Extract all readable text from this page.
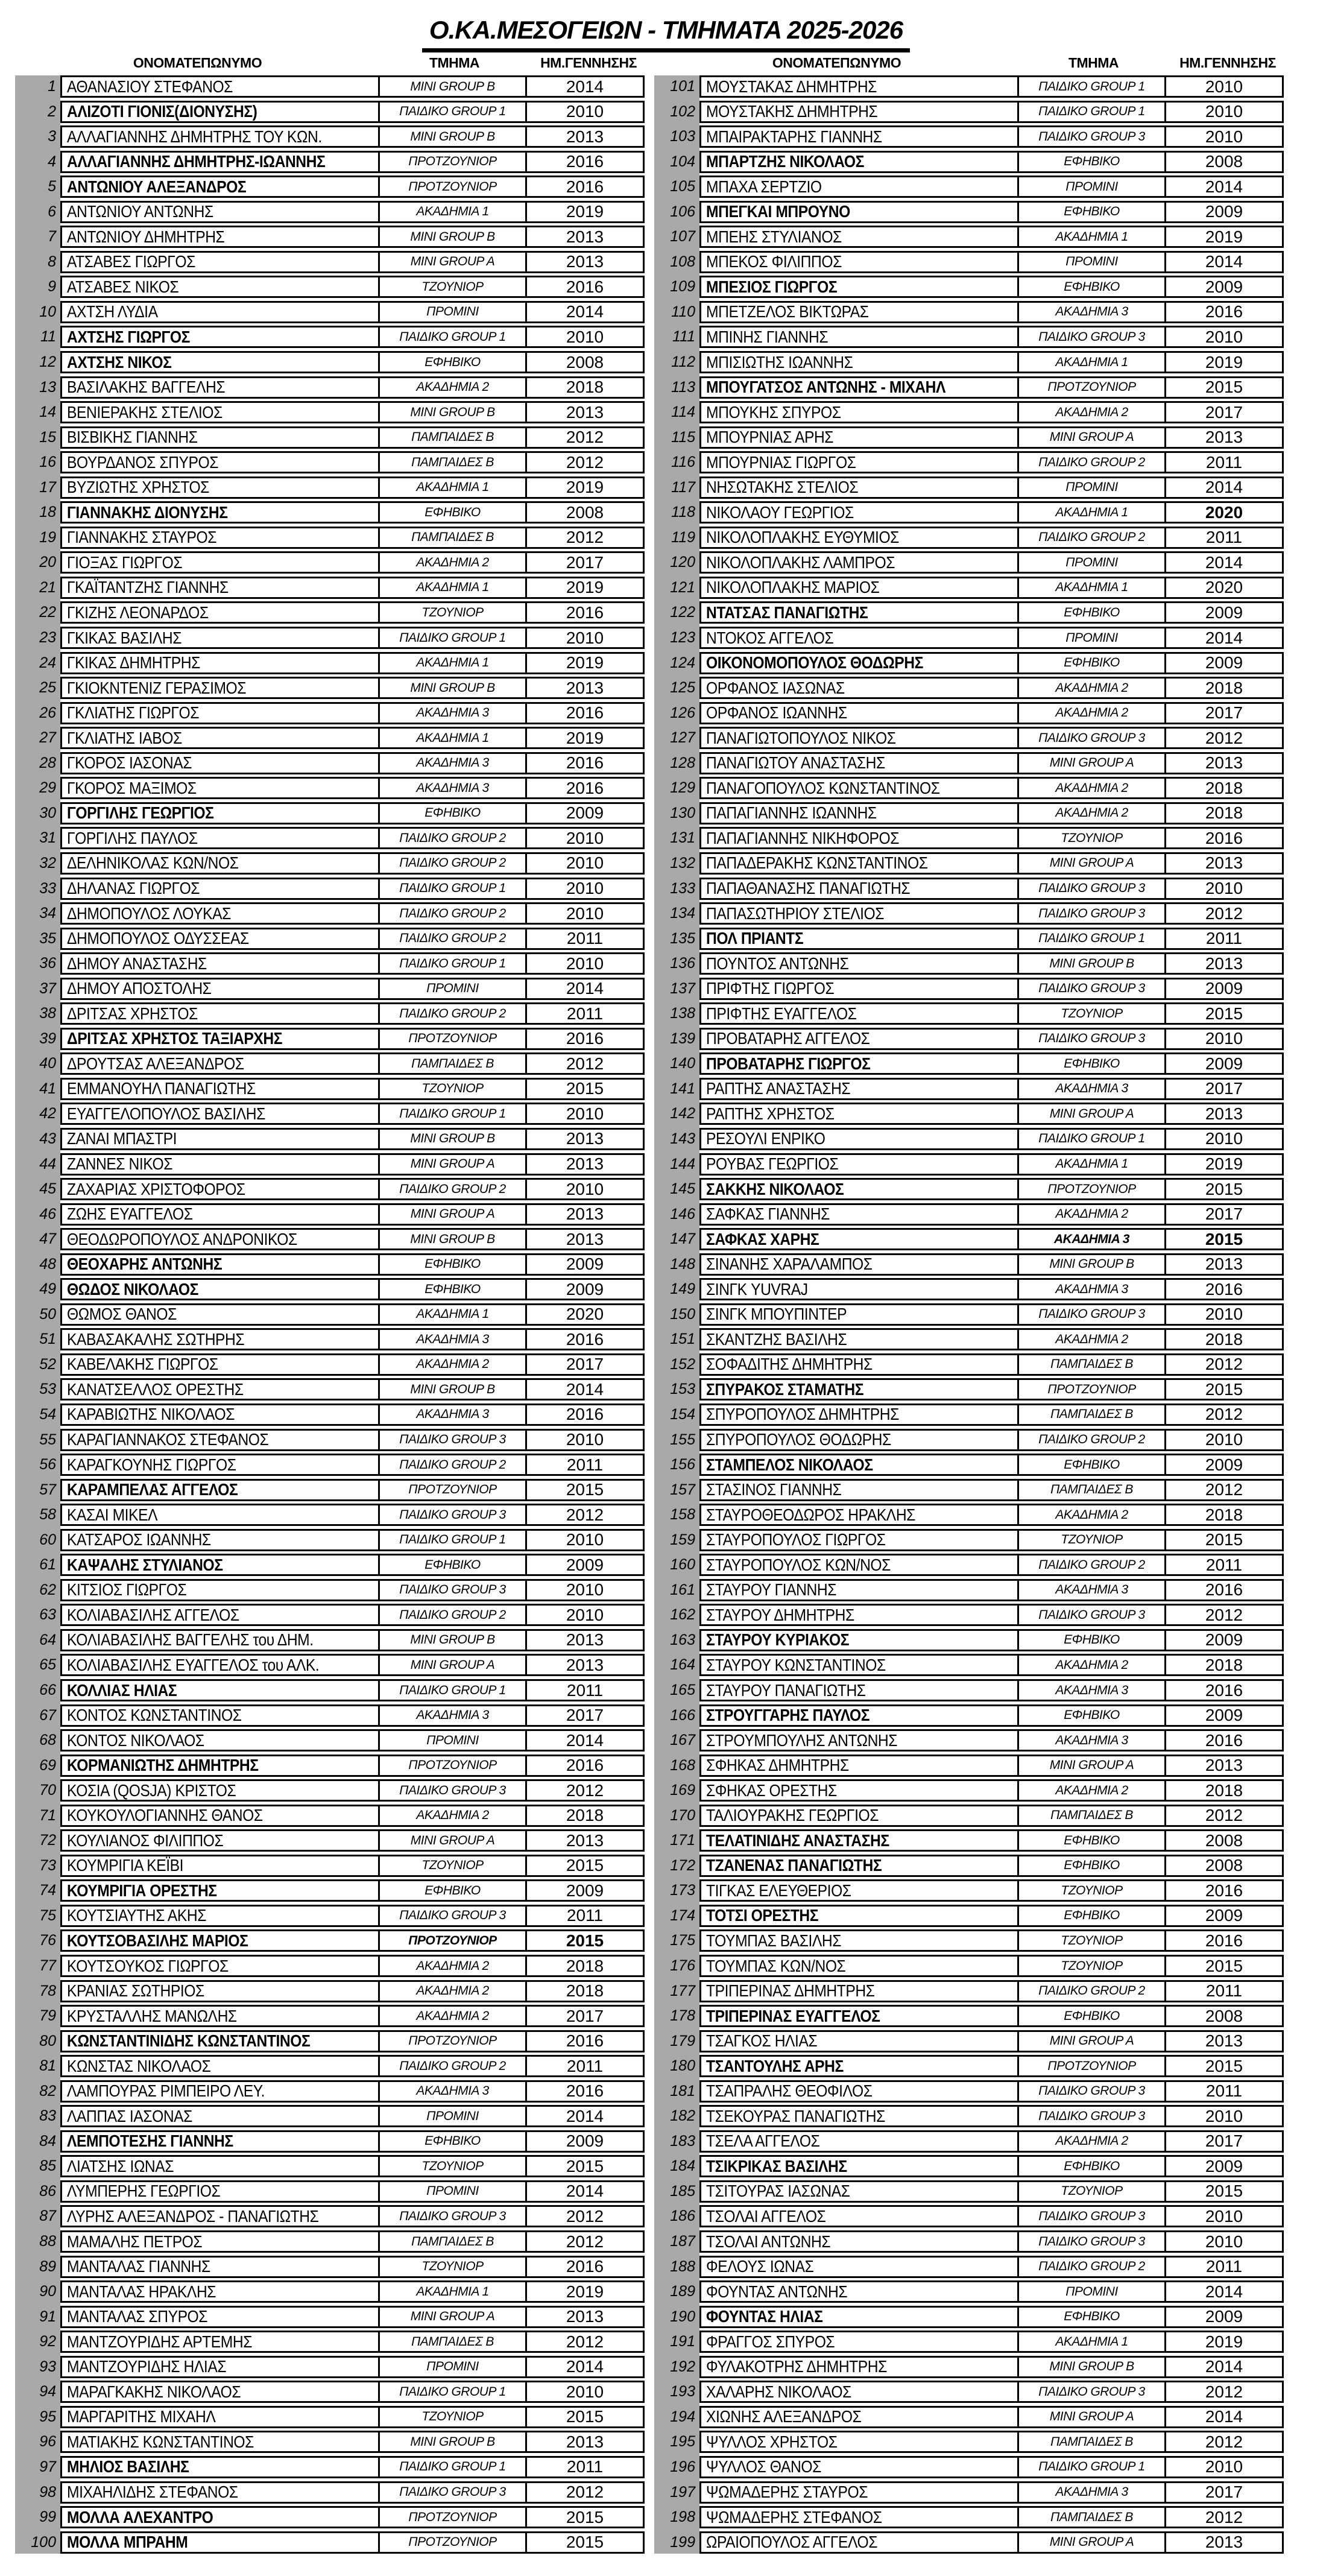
Ο.ΚΑ.ΜΕΣΟΓΕΙΩΝ - ΤΜΗΜΑΤΑ 2025-2026
ΟΝΟΜΑΤΕΠΩΝΥΜΟ	ΤΜΗΜΑ	ΗΜ.ΓΕΝΝΗΣΗΣ
1 ΑΘΑΝΑΣΙΟΥ ΣΤΕΦΑΝΟΣ	MINI GROUP B	2014
2 ΑΛΙΖΟΤΙ ΓΙΟΝΙΣ(ΔΙΟΝΥΣΗΣ)	ΠΑΙΔΙΚΟ GROUP 1	2010
3 ΑΛΛΑΓΙΑΝΝΗΣ ΔΗΜΗΤΡΗΣ ΤΟΥ ΚΩΝ.	MINI GROUP B	2013
4 ΑΛΛΑΓΙΑΝΝΗΣ ΔΗΜΗΤΡΗΣ-ΙΩΑΝΝΗΣ	ΠΡΟΤΖΟΥΝΙΟΡ	2016
5 ΑΝΤΩΝΙΟΥ ΑΛΕΞΑΝΔΡΟΣ	ΠΡΟΤΖΟΥΝΙΟΡ	2016
6 ΑΝΤΩΝΙΟΥ ΑΝΤΩΝΗΣ	ΑΚΑΔΗΜΙΑ 1	2019
7 ΑΝΤΩΝΙΟΥ ΔΗΜΗΤΡΗΣ	MINI GROUP B	2013
8 ΑΤΣΑΒΕΣ ΓΙΩΡΓΟΣ	MINI GROUP A	2013
9 ΑΤΣΑΒΕΣ ΝΙΚΟΣ	ΤΖΟΥΝΙΟΡ	2016
10 ΑΧΤΣΗ ΛΥΔΙΑ	ΠΡΟΜΙΝΙ	2014
11 ΑΧΤΣΗΣ ΓΙΩΡΓΟΣ	ΠΑΙΔΙΚΟ GROUP 1	2010
12 ΑΧΤΣΗΣ ΝΙΚΟΣ	ΕΦΗΒΙΚΟ	2008
13 ΒΑΣΙΛΑΚΗΣ ΒΑΓΓΕΛΗΣ	ΑΚΑΔΗΜΙΑ 2	2018
14 ΒΕΝΙΕΡΑΚΗΣ ΣΤΕΛΙΟΣ	MINI GROUP B	2013
15 ΒΙΣΒΙΚΗΣ ΓΙΑΝΝΗΣ	ΠΑΜΠΑΙΔΕΣ Β	2012
16 ΒΟΥΡΔΑΝΟΣ ΣΠΥΡΟΣ	ΠΑΜΠΑΙΔΕΣ Β	2012
17 ΒΥΖΙΩΤΗΣ ΧΡΗΣΤΟΣ	ΑΚΑΔΗΜΙΑ 1	2019
18 ΓΙΑΝΝΑΚΗΣ ΔΙΟΝΥΣΗΣ	ΕΦΗΒΙΚΟ	2008
19 ΓΙΑΝΝΑΚΗΣ ΣΤΑΥΡΟΣ	ΠΑΜΠΑΙΔΕΣ Β	2012
20 ΓΙΟΞΑΣ ΓΙΩΡΓΟΣ	ΑΚΑΔΗΜΙΑ 2	2017
21 ΓΚΑΪΤΑΝΤΖΗΣ ΓΙΑΝΝΗΣ	ΑΚΑΔΗΜΙΑ 1	2019
22 ΓΚΙΖΗΣ ΛΕΟΝΑΡΔΟΣ	ΤΖΟΥΝΙΟΡ	2016
23 ΓΚΙΚΑΣ ΒΑΣΙΛΗΣ	ΠΑΙΔΙΚΟ GROUP 1	2010
24 ΓΚΙΚΑΣ ΔΗΜΗΤΡΗΣ	ΑΚΑΔΗΜΙΑ 1	2019
25 ΓΚΙΟΚΝΤΕΝΙΖ ΓΕΡΑΣΙΜΟΣ	MINI GROUP B	2013
26 ΓΚΛΙΑΤΗΣ ΓΙΩΡΓΟΣ	ΑΚΑΔΗΜΙΑ 3	2016
27 ΓΚΛΙΑΤΗΣ ΙΑΒΟΣ	ΑΚΑΔΗΜΙΑ 1	2019
28 ΓΚΟΡΟΣ ΙΑΣΟΝΑΣ	ΑΚΑΔΗΜΙΑ 3	2016
29 ΓΚΟΡΟΣ ΜΑΞΙΜΟΣ	ΑΚΑΔΗΜΙΑ 3	2016
30 ΓΟΡΓΙΛΗΣ ΓΕΩΡΓΙΟΣ	ΕΦΗΒΙΚΟ	2009
31 ΓΟΡΓΙΛΗΣ ΠΑΥΛΟΣ	ΠΑΙΔΙΚΟ GROUP 2	2010
32 ΔΕΛΗΝΙΚΟΛΑΣ ΚΩΝ/ΝΟΣ	ΠΑΙΔΙΚΟ GROUP 2	2010
33 ΔΗΛΑΝΑΣ ΓΙΩΡΓΟΣ	ΠΑΙΔΙΚΟ GROUP 1	2010
34 ΔΗΜΟΠΟΥΛΟΣ ΛΟΥΚΑΣ	ΠΑΙΔΙΚΟ GROUP 2	2010
35 ΔΗΜΟΠΟΥΛΟΣ ΟΔΥΣΣΕΑΣ	ΠΑΙΔΙΚΟ GROUP 2	2011
36 ΔΗΜΟΥ ΑΝΑΣΤΑΣΗΣ	ΠΑΙΔΙΚΟ GROUP 1	2010
37 ΔΗΜΟΥ ΑΠΟΣΤΟΛΗΣ	ΠΡΟΜΙΝΙ	2014
38 ΔΡΙΤΣΑΣ ΧΡΗΣΤΟΣ	ΠΑΙΔΙΚΟ GROUP 2	2011
39 ΔΡΙΤΣΑΣ ΧΡΗΣΤΟΣ ΤΑΞΙΑΡΧΗΣ	ΠΡΟΤΖΟΥΝΙΟΡ	2016
40 ΔΡΟΥΤΣΑΣ ΑΛΕΞΑΝΔΡΟΣ	ΠΑΜΠΑΙΔΕΣ Β	2012
41 ΕΜΜΑΝΟΥΗΛ ΠΑΝΑΓΙΩΤΗΣ	ΤΖΟΥΝΙΟΡ	2015
42 ΕΥΑΓΓΕΛΟΠΟΥΛΟΣ ΒΑΣΙΛΗΣ	ΠΑΙΔΙΚΟ GROUP 1	2010
43 ΖΑΝΑΙ ΜΠΑΣΤΡΙ	MINI GROUP B	2013
44 ΖΑΝΝΕΣ ΝΙΚΟΣ	MINI GROUP A	2013
45 ΖΑΧΑΡΙΑΣ ΧΡΙΣΤΟΦΟΡΟΣ	ΠΑΙΔΙΚΟ GROUP 2	2010
46 ΖΩΗΣ ΕΥΑΓΓΕΛΟΣ	MINI GROUP A	2013
47 ΘΕΟΔΩΡΟΠΟΥΛΟΣ ΑΝΔΡΟΝΙΚΟΣ	MINI GROUP B	2013
48 ΘΕΟΧΑΡΗΣ ΑΝΤΩΝΗΣ	ΕΦΗΒΙΚΟ	2009
49 ΘΩΔΟΣ ΝΙΚΟΛΑΟΣ	ΕΦΗΒΙΚΟ	2009
50 ΘΩΜΟΣ ΘΑΝΟΣ	ΑΚΑΔΗΜΙΑ 1	2020
51 ΚΑΒΑΣΑΚΑΛΗΣ ΣΩΤΗΡΗΣ	ΑΚΑΔΗΜΙΑ 3	2016
52 ΚΑΒΕΛΑΚΗΣ ΓΙΩΡΓΟΣ	ΑΚΑΔΗΜΙΑ 2	2017
53 ΚΑΝΑΤΣΕΛΛΟΣ ΟΡΕΣΤΗΣ	MINI GROUP B	2014
54 ΚΑΡΑΒΙΩΤΗΣ ΝΙΚΟΛΑΟΣ	ΑΚΑΔΗΜΙΑ 3	2016
55 ΚΑΡΑΓΙΑΝΝΑΚΟΣ ΣΤΕΦΑΝΟΣ	ΠΑΙΔΙΚΟ GROUP 3	2010
56 ΚΑΡΑΓΚΟΥΝΗΣ ΓΙΩΡΓΟΣ	ΠΑΙΔΙΚΟ GROUP 2	2011
57 ΚΑΡΑΜΠΕΛΑΣ ΑΓΓΕΛΟΣ	ΠΡΟΤΖΟΥΝΙΟΡ	2015
58 ΚΑΣΑΙ ΜΙΚΕΛ	ΠΑΙΔΙΚΟ GROUP 3	2012
60 ΚΑΤΣΑΡΟΣ ΙΩΑΝΝΗΣ	ΠΑΙΔΙΚΟ GROUP 1	2010
61 ΚΑΨΑΛΗΣ ΣΤΥΛΙΑΝΟΣ	ΕΦΗΒΙΚΟ	2009
62 ΚΙΤΣΙΟΣ ΓΙΩΡΓΟΣ	ΠΑΙΔΙΚΟ GROUP 3	2010
63 ΚΟΛΙΑΒΑΣΙΛΗΣ ΑΓΓΕΛΟΣ	ΠΑΙΔΙΚΟ GROUP 2	2010
64 ΚΟΛΙΑΒΑΣΙΛΗΣ ΒΑΓΓΕΛΗΣ του ΔΗΜ.	MINI GROUP B	2013
65 ΚΟΛΙΑΒΑΣΙΛΗΣ ΕΥΑΓΓΕΛΟΣ του ΑΛΚ.	MINI GROUP A	2013
66 ΚΟΛΛΙΑΣ ΗΛΙΑΣ	ΠΑΙΔΙΚΟ GROUP 1	2011
67 ΚΟΝΤΟΣ ΚΩΝΣΤΑΝΤΙΝΟΣ	ΑΚΑΔΗΜΙΑ 3	2017
68 ΚΟΝΤΟΣ ΝΙΚΟΛΑΟΣ	ΠΡΟΜΙΝΙ	2014
69 ΚΟΡΜΑΝΙΩΤΗΣ ΔΗΜΗΤΡΗΣ	ΠΡΟΤΖΟΥΝΙΟΡ	2016
70 ΚΟΣΙΑ (QOSJA) ΚΡΙΣΤΟΣ	ΠΑΙΔΙΚΟ GROUP 3	2012
71 ΚΟΥΚΟΥΛΟΓΙΑΝΝΗΣ ΘΑΝΟΣ	ΑΚΑΔΗΜΙΑ 2	2018
72 ΚΟΥΛΙΑΝΟΣ ΦΙΛΙΠΠΟΣ	MINI GROUP A	2013
73 ΚΟΥΜΡΙΓΙΑ ΚΕΪΒΙ	ΤΖΟΥΝΙΟΡ	2015
74 ΚΟΥΜΡΙΓΙΑ ΟΡΕΣΤΗΣ	ΕΦΗΒΙΚΟ	2009
75 ΚΟΥΤΣΙΑΥΤΗΣ ΑΚΗΣ	ΠΑΙΔΙΚΟ GROUP 3	2011
76 ΚΟΥΤΣΟΒΑΣΙΛΗΣ ΜΑΡΙΟΣ	ΠΡΟΤΖΟΥΝΙΟΡ	2015
77 ΚΟΥΤΣΟΥΚΟΣ ΓΙΩΡΓΟΣ	ΑΚΑΔΗΜΙΑ 2	2018
78 ΚΡΑΝΙΑΣ ΣΩΤΗΡΙΟΣ	ΑΚΑΔΗΜΙΑ 2	2018
79 ΚΡΥΣΤΑΛΛΗΣ ΜΑΝΩΛΗΣ	ΑΚΑΔΗΜΙΑ 2	2017
80 ΚΩΝΣΤΑΝΤΙΝΙΔΗΣ ΚΩΝΣΤΑΝΤΙΝΟΣ	ΠΡΟΤΖΟΥΝΙΟΡ	2016
81 ΚΩΝΣΤΑΣ ΝΙΚΟΛΑΟΣ	ΠΑΙΔΙΚΟ GROUP 2	2011
82 ΛΑΜΠΟΥΡΑΣ ΡΙΜΠΕΙΡΟ ΛΕΥ.	ΑΚΑΔΗΜΙΑ 3	2016
83 ΛΑΠΠΑΣ ΙΑΣΟΝΑΣ	ΠΡΟΜΙΝΙ	2014
84 ΛΕΜΠΟΤΕΣΗΣ ΓΙΑΝΝΗΣ	ΕΦΗΒΙΚΟ	2009
85 ΛΙΑΤΣΗΣ ΙΩΝΑΣ	ΤΖΟΥΝΙΟΡ	2015
86 ΛΥΜΠΕΡΗΣ ΓΕΩΡΓΙΟΣ	ΠΡΟΜΙΝΙ	2014
87 ΛΥΡΗΣ ΑΛΕΞΑΝΔΡΟΣ - ΠΑΝΑΓΙΩΤΗΣ	ΠΑΙΔΙΚΟ GROUP 3	2012
88 ΜΑΜΑΛΗΣ ΠΕΤΡΟΣ	ΠΑΜΠΑΙΔΕΣ Β	2012
89 ΜΑΝΤΑΛΑΣ ΓΙΑΝΝΗΣ	ΤΖΟΥΝΙΟΡ	2016
90 ΜΑΝΤΑΛΑΣ ΗΡΑΚΛΗΣ	ΑΚΑΔΗΜΙΑ 1	2019
91 ΜΑΝΤΑΛΑΣ ΣΠΥΡΟΣ	MINI GROUP A	2013
92 ΜΑΝΤΖΟΥΡΙΔΗΣ ΑΡΤΕΜΗΣ	ΠΑΜΠΑΙΔΕΣ Β	2012
93 ΜΑΝΤΖΟΥΡΙΔΗΣ ΗΛΙΑΣ	ΠΡΟΜΙΝΙ	2014
94 ΜΑΡΑΓΚΑΚΗΣ ΝΙΚΟΛΑΟΣ	ΠΑΙΔΙΚΟ GROUP 1	2010
95 ΜΑΡΓΑΡΙΤΗΣ ΜΙΧΑΗΛ	ΤΖΟΥΝΙΟΡ	2015
96 ΜΑΤΙΑΚΗΣ ΚΩΝΣΤΑΝΤΙΝΟΣ	MINI GROUP B	2013
97 ΜΗΛΙΟΣ ΒΑΣΙΛΗΣ	ΠΑΙΔΙΚΟ GROUP 1	2011
98 ΜΙΧΑΗΛΙΔΗΣ ΣΤΕΦΑΝΟΣ	ΠΑΙΔΙΚΟ GROUP 3	2012
99 ΜΟΛΛΑ ΑΛΕΧΑΝΤΡΟ	ΠΡΟΤΖΟΥΝΙΟΡ	2015
100 ΜΟΛΛΑ ΜΠΡΑΗΜ	ΠΡΟΤΖΟΥΝΙΟΡ	2015
ΟΝΟΜΑΤΕΠΩΝΥΜΟ	ΤΜΗΜΑ	ΗΜ.ΓΕΝΝΗΣΗΣ
101 ΜΟΥΣΤΑΚΑΣ ΔΗΜΗΤΡΗΣ	ΠΑΙΔΙΚΟ GROUP 1	2010
102 ΜΟΥΣΤΑΚΗΣ ΔΗΜΗΤΡΗΣ	ΠΑΙΔΙΚΟ GROUP 1	2010
103 ΜΠΑΙΡΑΚΤΑΡΗΣ ΓΙΑΝΝΗΣ	ΠΑΙΔΙΚΟ GROUP 3	2010
104 ΜΠΑΡΤΖΗΣ ΝΙΚΟΛΑΟΣ	ΕΦΗΒΙΚΟ	2008
105 ΜΠΑΧΑ ΣΕΡΤΖΙΟ	ΠΡΟΜΙΝΙ	2014
106 ΜΠΕΓΚΑΙ ΜΠΡΟΥΝΟ	ΕΦΗΒΙΚΟ	2009
107 ΜΠΕΗΣ ΣΤΥΛΙΑΝΟΣ	ΑΚΑΔΗΜΙΑ 1	2019
108 ΜΠΕΚΟΣ ΦΙΛΙΠΠΟΣ	ΠΡΟΜΙΝΙ	2014
109 ΜΠΕΣΙΟΣ ΓΙΩΡΓΟΣ	ΕΦΗΒΙΚΟ	2009
110 ΜΠΕΤΖΕΛΟΣ ΒΙΚΤΩΡΑΣ	ΑΚΑΔΗΜΙΑ 3	2016
111 ΜΠΙΝΗΣ ΓΙΑΝΝΗΣ	ΠΑΙΔΙΚΟ GROUP 3	2010
112 ΜΠΙΣΙΩΤΗΣ ΙΩΑΝΝΗΣ	ΑΚΑΔΗΜΙΑ 1	2019
113 ΜΠΟΥΓΑΤΣΟΣ ΑΝΤΩΝΗΣ - ΜΙΧΑΗΛ	ΠΡΟΤΖΟΥΝΙΟΡ	2015
114 ΜΠΟΥΚΗΣ ΣΠΥΡΟΣ	ΑΚΑΔΗΜΙΑ 2	2017
115 ΜΠΟΥΡΝΙΑΣ ΑΡΗΣ	MINI GROUP A	2013
116 ΜΠΟΥΡΝΙΑΣ ΓΙΩΡΓΟΣ	ΠΑΙΔΙΚΟ GROUP 2	2011
117 ΝΗΣΩΤΑΚΗΣ ΣΤΕΛΙΟΣ	ΠΡΟΜΙΝΙ	2014
118 ΝΙΚΟΛΑΟΥ ΓΕΩΡΓΙΟΣ	ΑΚΑΔΗΜΙΑ 1	2020
119 ΝΙΚΟΛΟΠΛΑΚΗΣ ΕΥΘΥΜΙΟΣ	ΠΑΙΔΙΚΟ GROUP 2	2011
120 ΝΙΚΟΛΟΠΛΑΚΗΣ ΛΑΜΠΡΟΣ	ΠΡΟΜΙΝΙ	2014
121 ΝΙΚΟΛΟΠΛΑΚΗΣ ΜΑΡΙΟΣ	ΑΚΑΔΗΜΙΑ 1	2020
122 ΝΤΑΤΣΑΣ ΠΑΝΑΓΙΩΤΗΣ	ΕΦΗΒΙΚΟ	2009
123 ΝΤΟΚΟΣ ΑΓΓΕΛΟΣ	ΠΡΟΜΙΝΙ	2014
124 ΟΙΚΟΝΟΜΟΠΟΥΛΟΣ ΘΟΔΩΡΗΣ	ΕΦΗΒΙΚΟ	2009
125 ΟΡΦΑΝΟΣ ΙΑΣΩΝΑΣ	ΑΚΑΔΗΜΙΑ 2	2018
126 ΟΡΦΑΝΟΣ ΙΩΑΝΝΗΣ	ΑΚΑΔΗΜΙΑ 2	2017
127 ΠΑΝΑΓΙΩΤΟΠΟΥΛΟΣ ΝΙΚΟΣ	ΠΑΙΔΙΚΟ GROUP 3	2012
128 ΠΑΝΑΓΙΩΤΟΥ ΑΝΑΣΤΑΣΗΣ	MINI GROUP A	2013
129 ΠΑΝΑΓΟΠΟΥΛΟΣ ΚΩΝΣΤΑΝΤΙΝΟΣ	ΑΚΑΔΗΜΙΑ 2	2018
130 ΠΑΠΑΓΙΑΝΝΗΣ ΙΩΑΝΝΗΣ	ΑΚΑΔΗΜΙΑ 2	2018
131 ΠΑΠΑΓΙΑΝΝΗΣ ΝΙΚΗΦΟΡΟΣ	ΤΖΟΥΝΙΟΡ	2016
132 ΠΑΠΑΔΕΡΑΚΗΣ ΚΩΝΣΤΑΝΤΙΝΟΣ	MINI GROUP A	2013
133 ΠΑΠΑΘΑΝΑΣΗΣ ΠΑΝΑΓΙΩΤΗΣ	ΠΑΙΔΙΚΟ GROUP 3	2010
134 ΠΑΠΑΣΩΤΗΡΙΟΥ ΣΤΕΛΙΟΣ	ΠΑΙΔΙΚΟ GROUP 3	2012
135 ΠΟΛ ΠΡΙΑΝΤΣ	ΠΑΙΔΙΚΟ GROUP 1	2011
136 ΠΟΥΝΤΟΣ ΑΝΤΩΝΗΣ	MINI GROUP B	2013
137 ΠΡΙΦΤΗΣ ΓΙΩΡΓΟΣ	ΠΑΙΔΙΚΟ GROUP 3	2009
138 ΠΡΙΦΤΗΣ ΕΥΑΓΓΕΛΟΣ	ΤΖΟΥΝΙΟΡ	2015
139 ΠΡΟΒΑΤΑΡΗΣ ΑΓΓΕΛΟΣ	ΠΑΙΔΙΚΟ GROUP 3	2010
140 ΠΡΟΒΑΤΑΡΗΣ ΓΙΩΡΓΟΣ	ΕΦΗΒΙΚΟ	2009
141 ΡΑΠΤΗΣ ΑΝΑΣΤΑΣΗΣ	ΑΚΑΔΗΜΙΑ 3	2017
142 ΡΑΠΤΗΣ ΧΡΗΣΤΟΣ	MINI GROUP A	2013
143 ΡΕΣΟΥΛΙ ΕΝΡΙΚΟ	ΠΑΙΔΙΚΟ GROUP 1	2010
144 ΡΟΥΒΑΣ ΓΕΩΡΓΙΟΣ	ΑΚΑΔΗΜΙΑ 1	2019
145 ΣΑΚΚΗΣ ΝΙΚΟΛΑΟΣ	ΠΡΟΤΖΟΥΝΙΟΡ	2015
146 ΣΑΦΚΑΣ ΓΙΑΝΝΗΣ	ΑΚΑΔΗΜΙΑ 2	2017
147 ΣΑΦΚΑΣ ΧΑΡΗΣ	ΑΚΑΔΗΜΙΑ 3	2015
148 ΣΙΝΑΝΗΣ ΧΑΡΑΛΑΜΠΟΣ	MINI GROUP B	2013
149 ΣΙΝΓΚ YUVRAJ	ΑΚΑΔΗΜΙΑ 3	2016
150 ΣΙΝΓΚ ΜΠΟΥΠΙΝΤΕΡ	ΠΑΙΔΙΚΟ GROUP 3	2010
151 ΣΚΑΝΤΖΗΣ ΒΑΣΙΛΗΣ	ΑΚΑΔΗΜΙΑ 2	2018
152 ΣΟΦΑΔΙΤΗΣ ΔΗΜΗΤΡΗΣ	ΠΑΜΠΑΙΔΕΣ Β	2012
153 ΣΠΥΡΑΚΟΣ ΣΤΑΜΑΤΗΣ	ΠΡΟΤΖΟΥΝΙΟΡ	2015
154 ΣΠΥΡΟΠΟΥΛΟΣ ΔΗΜΗΤΡΗΣ	ΠΑΜΠΑΙΔΕΣ Β	2012
155 ΣΠΥΡΟΠΟΥΛΟΣ ΘΟΔΩΡΗΣ	ΠΑΙΔΙΚΟ GROUP 2	2010
156 ΣΤΑΜΠΕΛΟΣ ΝΙΚΟΛΑΟΣ	ΕΦΗΒΙΚΟ	2009
157 ΣΤΑΣΙΝΟΣ ΓΙΑΝΝΗΣ	ΠΑΜΠΑΙΔΕΣ Β	2012
158 ΣΤΑΥΡΟΘΕΟΔΩΡΟΣ ΗΡΑΚΛΗΣ	ΑΚΑΔΗΜΙΑ 2	2018
159 ΣΤΑΥΡΟΠΟΥΛΟΣ ΓΙΩΡΓΟΣ	ΤΖΟΥΝΙΟΡ	2015
160 ΣΤΑΥΡΟΠΟΥΛΟΣ ΚΩΝ/ΝΟΣ	ΠΑΙΔΙΚΟ GROUP 2	2011
161 ΣΤΑΥΡΟΥ ΓΙΑΝΝΗΣ	ΑΚΑΔΗΜΙΑ 3	2016
162 ΣΤΑΥΡΟΥ ΔΗΜΗΤΡΗΣ	ΠΑΙΔΙΚΟ GROUP 3	2012
163 ΣΤΑΥΡΟΥ ΚΥΡΙΑΚΟΣ	ΕΦΗΒΙΚΟ	2009
164 ΣΤΑΥΡΟΥ ΚΩΝΣΤΑΝΤΙΝΟΣ	ΑΚΑΔΗΜΙΑ 2	2018
165 ΣΤΑΥΡΟΥ ΠΑΝΑΓΙΩΤΗΣ	ΑΚΑΔΗΜΙΑ 3	2016
166 ΣΤΡΟΥΓΓΑΡΗΣ ΠΑΥΛΟΣ	ΕΦΗΒΙΚΟ	2009
167 ΣΤΡΟΥΜΠΟΥΛΗΣ ΑΝΤΩΝΗΣ	ΑΚΑΔΗΜΙΑ 3	2016
168 ΣΦΗΚΑΣ ΔΗΜΗΤΡΗΣ	MINI GROUP A	2013
169 ΣΦΗΚΑΣ ΟΡΕΣΤΗΣ	ΑΚΑΔΗΜΙΑ 2	2018
170 ΤΑΛΙΟΥΡΑΚΗΣ ΓΕΩΡΓΙΟΣ	ΠΑΜΠΑΙΔΕΣ Β	2012
171 ΤΕΛΑΤΙΝΙΔΗΣ ΑΝΑΣΤΑΣΗΣ	ΕΦΗΒΙΚΟ	2008
172 ΤΖΑΝΕΝΑΣ ΠΑΝΑΓΙΩΤΗΣ	ΕΦΗΒΙΚΟ	2008
173 ΤΙΓΚΑΣ ΕΛΕΥΘΕΡΙΟΣ	ΤΖΟΥΝΙΟΡ	2016
174 ΤΟΤΣΙ ΟΡΕΣΤΗΣ	ΕΦΗΒΙΚΟ	2009
175 ΤΟΥΜΠΑΣ ΒΑΣΙΛΗΣ	ΤΖΟΥΝΙΟΡ	2016
176 ΤΟΥΜΠΑΣ ΚΩΝ/ΝΟΣ	ΤΖΟΥΝΙΟΡ	2015
177 ΤΡΙΠΕΡΙΝΑΣ ΔΗΜΗΤΡΗΣ	ΠΑΙΔΙΚΟ GROUP 2	2011
178 ΤΡΙΠΕΡΙΝΑΣ ΕΥΑΓΓΕΛΟΣ	ΕΦΗΒΙΚΟ	2008
179 ΤΣΑΓΚΟΣ ΗΛΙΑΣ	MINI GROUP A	2013
180 ΤΣΑΝΤΟΥΛΗΣ ΑΡΗΣ	ΠΡΟΤΖΟΥΝΙΟΡ	2015
181 ΤΣΑΠΡΑΛΗΣ ΘΕΟΦΙΛΟΣ	ΠΑΙΔΙΚΟ GROUP 3	2011
182 ΤΣΕΚΟΥΡΑΣ ΠΑΝΑΓΙΩΤΗΣ	ΠΑΙΔΙΚΟ GROUP 3	2010
183 ΤΣΕΛΑ ΑΓΓΕΛΟΣ	ΑΚΑΔΗΜΙΑ 2	2017
184 ΤΣΙΚΡΙΚΑΣ ΒΑΣΙΛΗΣ	ΕΦΗΒΙΚΟ	2009
185 ΤΣΙΤΟΥΡΑΣ ΙΑΣΩΝΑΣ	ΤΖΟΥΝΙΟΡ	2015
186 ΤΣΟΛΑΙ ΑΓΓΕΛΟΣ	ΠΑΙΔΙΚΟ GROUP 3	2010
187 ΤΣΟΛΑΙ ΑΝΤΩΝΗΣ	ΠΑΙΔΙΚΟ GROUP 3	2010
188 ΦΕΛΟΥΣ ΙΩΝΑΣ	ΠΑΙΔΙΚΟ GROUP 2	2011
189 ΦΟΥΝΤΑΣ ΑΝΤΩΝΗΣ	ΠΡΟΜΙΝΙ	2014
190 ΦΟΥΝΤΑΣ ΗΛΙΑΣ	ΕΦΗΒΙΚΟ	2009
191 ΦΡΑΓΓΟΣ ΣΠΥΡΟΣ	ΑΚΑΔΗΜΙΑ 1	2019
192 ΦΥΛΑΚΟΤΡΗΣ ΔΗΜΗΤΡΗΣ	MINI GROUP B	2014
193 ΧΑΛΑΡΗΣ ΝΙΚΟΛΑΟΣ	ΠΑΙΔΙΚΟ GROUP 3	2012
194 ΧΙΩΝΗΣ ΑΛΕΞΑΝΔΡΟΣ	MINI GROUP A	2014
195 ΨΥΛΛΟΣ ΧΡΗΣΤΟΣ	ΠΑΜΠΑΙΔΕΣ Β	2012
196 ΨΥΛΛΟΣ ΘΑΝΟΣ	ΠΑΙΔΙΚΟ GROUP 1	2010
197 ΨΩΜΑΔΕΡΗΣ ΣΤΑΥΡΟΣ	ΑΚΑΔΗΜΙΑ 3	2017
198 ΨΩΜΑΔΕΡΗΣ ΣΤΕΦΑΝΟΣ	ΠΑΜΠΑΙΔΕΣ Β	2012
199 ΩΡΑΙΟΠΟΥΛΟΣ ΑΓΓΕΛΟΣ	MINI GROUP A	2013
